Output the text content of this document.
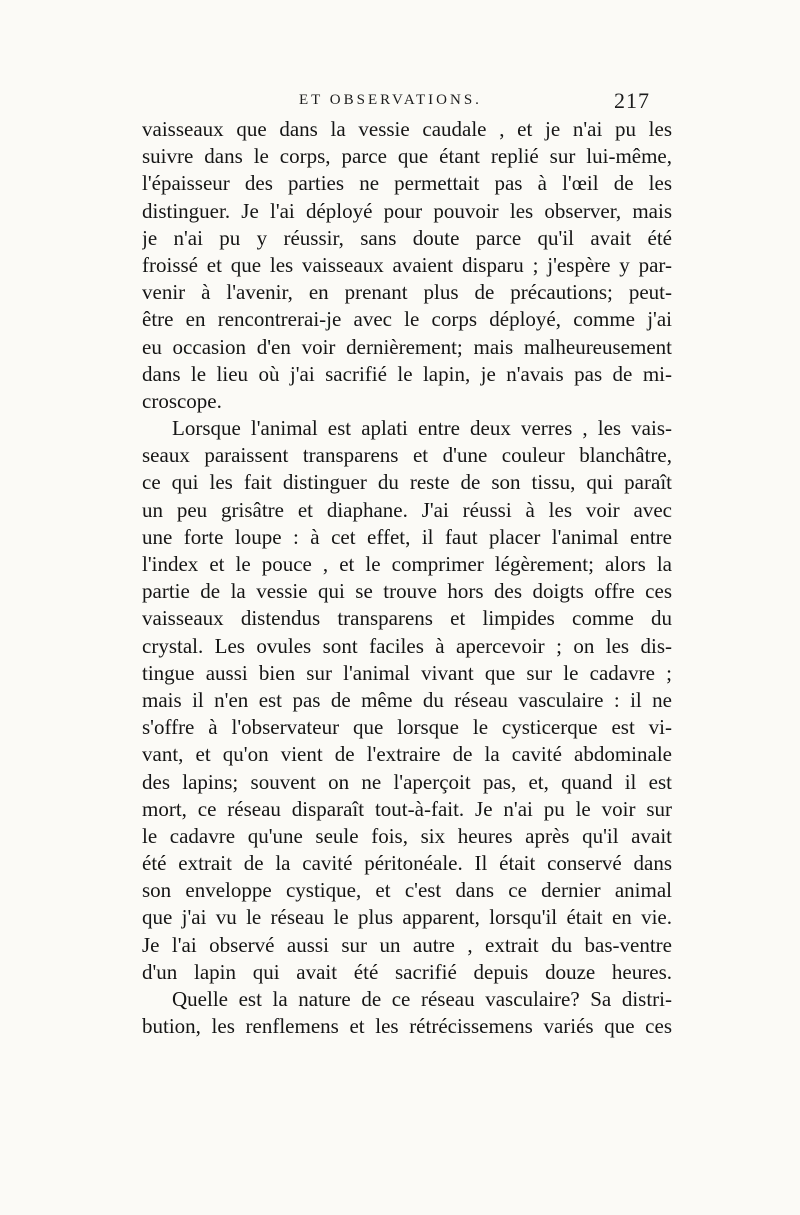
ET OBSERVATIONS.	217
vaisseaux que dans la vessie caudale , et je n'ai pu les
suivre dans le corps, parce que étant replié sur lui-même,
l'épaisseur des parties ne permettait pas à l'œil de les
distinguer. Je l'ai déployé pour pouvoir les observer, mais
je n'ai pu y réussir, sans doute parce qu'il avait été
froissé et que les vaisseaux avaient disparu ; j'espère y par-
venir à l'avenir, en prenant plus de précautions; peut-
être en rencontrerai-je avec le corps déployé, comme j'ai
eu occasion d'en voir dernièrement; mais malheureusement
dans le lieu où j'ai sacrifié le lapin, je n'avais pas de mi-
croscope.
Lorsque l'animal est aplati entre deux verres , les vais-
seaux paraissent transparens et d'une couleur blanchâtre,
ce qui les fait distinguer du reste de son tissu, qui paraît
un peu grisâtre et diaphane. J'ai réussi à les voir avec
une forte loupe : à cet effet, il faut placer l'animal entre
l'index et le pouce , et le comprimer légèrement; alors la
partie de la vessie qui se trouve hors des doigts offre ces
vaisseaux distendus transparens et limpides comme du
crystal. Les ovules sont faciles à apercevoir ; on les dis-
tingue aussi bien sur l'animal vivant que sur le cadavre ;
mais il n'en est pas de même du réseau vasculaire : il ne
s'offre à l'observateur que lorsque le cysticerque est vi-
vant, et qu'on vient de l'extraire de la cavité abdominale
des lapins; souvent on ne l'aperçoit pas, et, quand il est
mort, ce réseau disparaît tout-à-fait. Je n'ai pu le voir sur
le cadavre qu'une seule fois, six heures après qu'il avait
été extrait de la cavité péritonéale. Il était conservé dans
son enveloppe cystique, et c'est dans ce dernier animal
que j'ai vu le réseau le plus apparent, lorsqu'il était en vie.
Je l'ai observé aussi sur un autre , extrait du bas-ventre
d'un lapin qui avait été sacrifié depuis douze heures.
Quelle est la nature de ce réseau vasculaire? Sa distri-
bution, les renflemens et les rétrécissemens variés que ces
